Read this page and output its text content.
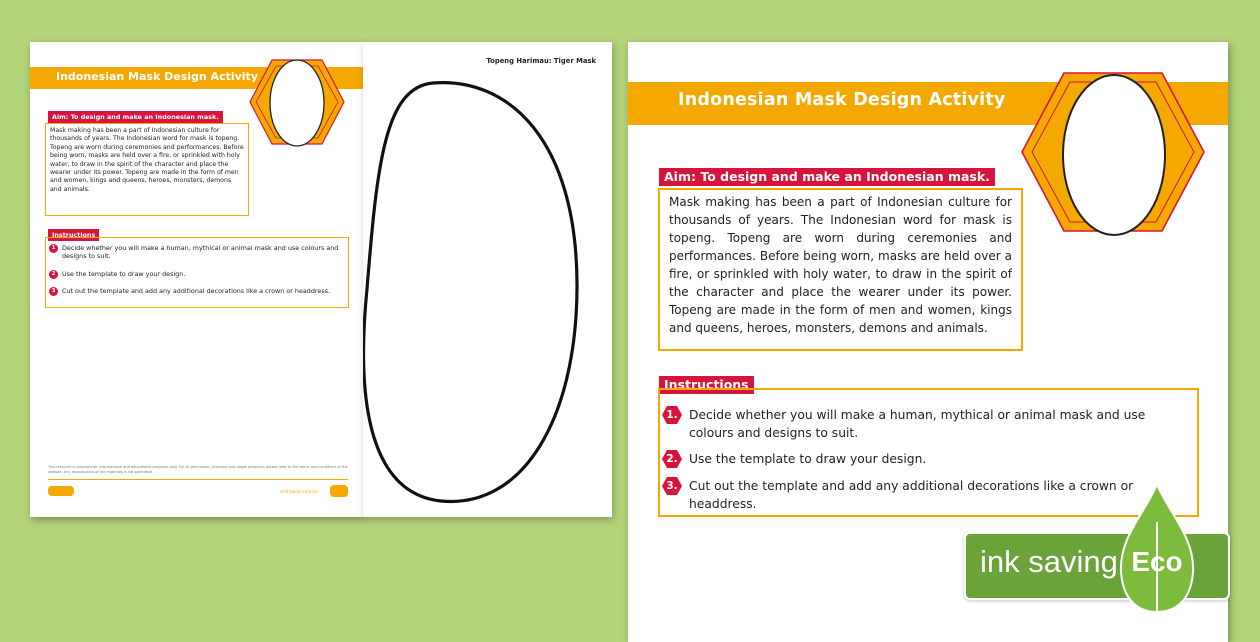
Indonesian Mask Design Activity
Aim: To design and make an Indonesian mask.
Mask making has been a part of Indonesian culture for thousands of years. The Indonesian word for mask is topeng. Topeng are worn during ceremonies and performances. Before being worn, masks are held over a fire, or sprinkled with holy water, to draw in the spirit of the character and place the wearer under its power. Topeng are made in the form of men and women, kings and queens, heroes, monsters, demons and animals.
Instructions
1	Decide whether you will make a human, mythical or animal mask and use colours and designs to suit.
2	Use the template to draw your design.
3	Cut out the template and add any additional decorations like a crown or headdress.
This resource is provided for informational and educational purposes only. For all permission, licensing and usage questions please refer to the terms and conditions of the website. Any reproduction of the materials is not permitted.
visit twinkl.com.au
Topeng Harimau: Tiger Mask
Indonesian Mask Design Activity
Aim: To design and make an Indonesian mask.
Mask making has been a part of Indonesian culture for thousands of years. The Indonesian word for mask is topeng. Topeng are worn during ceremonies and performances. Before being worn, masks are held over a fire, or sprinkled with holy water, to draw in the spirit of the character and place the wearer under its power. Topeng are made in the form of men and women, kings and queens, heroes, monsters, demons and animals.
Instructions
1. Decide whether you will make a human, mythical or animal mask and use colours and designs to suit.
2. Use the template to draw your design.
3. Cut out the template and add any additional decorations like a crown or headdress.
ink saving Eco
